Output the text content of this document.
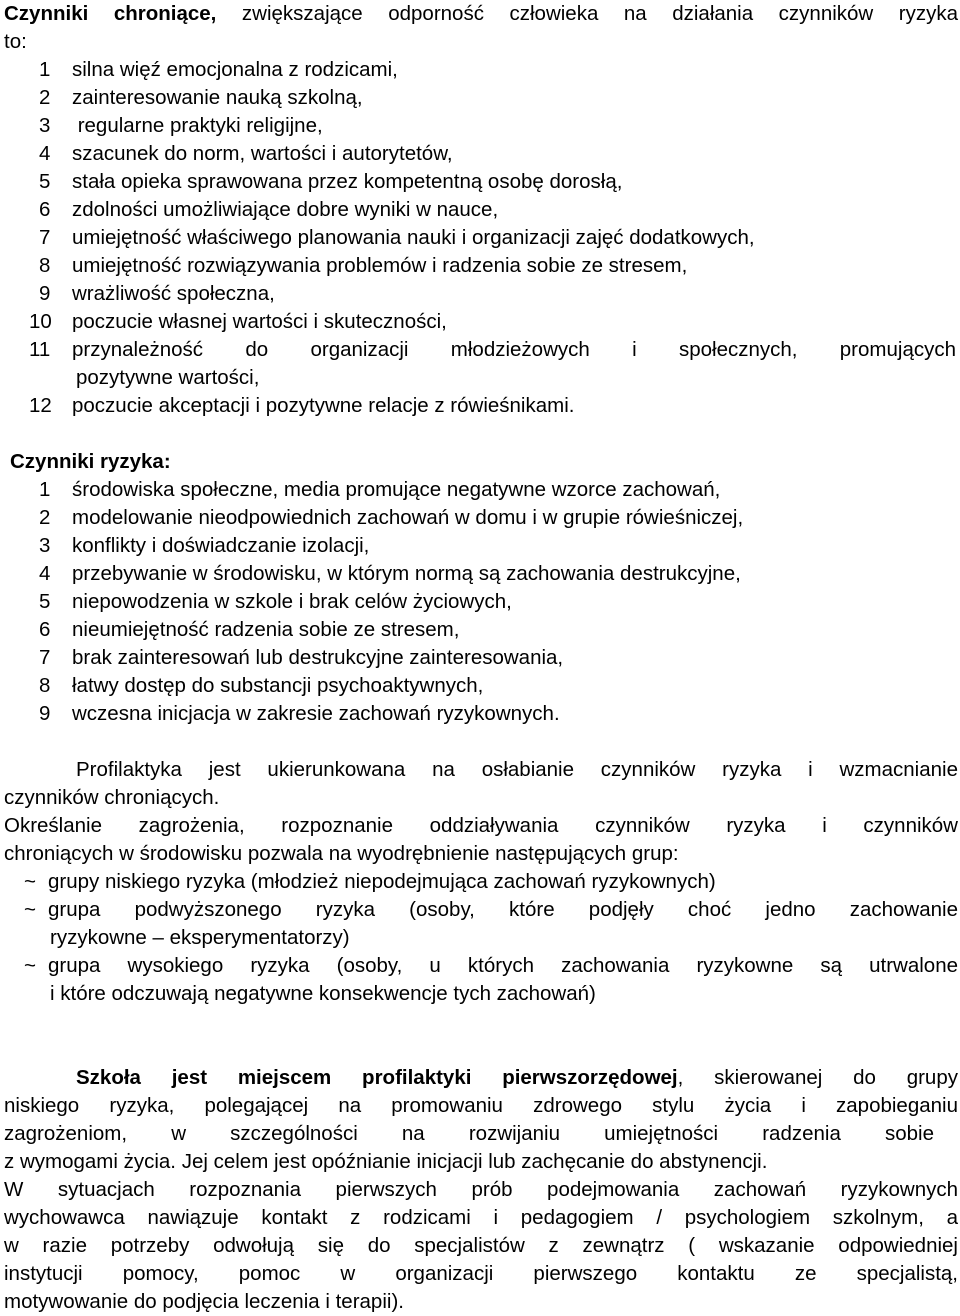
Czynniki chroniące, zwiększające odporność człowieka na działania czynników ryzyka
to:
1 silna więź emocjonalna z rodzicami,
2 zainteresowanie nauką szkolną,
3 regularne praktyki religijne,
4 szacunek do norm, wartości i autorytetów,
5 stała opieka sprawowana przez kompetentną osobę dorosłą,
6 zdolności umożliwiające dobre wyniki w nauce,
7 umiejętność właściwego planowania nauki i organizacji zajęć dodatkowych,
8 umiejętność rozwiązywania problemów i radzenia sobie ze stresem,
9 wrażliwość społeczna,
10 poczucie własnej wartości i skuteczności,
11 przynależność do organizacji młodzieżowych i społecznych, promujących
pozytywne wartości,
12 poczucie akceptacji i pozytywne relacje z rówieśnikami.
Czynniki ryzyka:
1 środowiska społeczne, media promujące negatywne wzorce zachowań,
2 modelowanie nieodpowiednich zachowań w domu i w grupie rówieśniczej,
3 konflikty i doświadczanie izolacji,
4 przebywanie w środowisku, w którym normą są zachowania destrukcyjne,
5 niepowodzenia w szkole i brak celów życiowych,
6 nieumiejętność radzenia sobie ze stresem,
7 brak zainteresowań lub destrukcyjne zainteresowania,
8 łatwy dostęp do substancji psychoaktywnych,
9 wczesna inicjacja w zakresie zachowań ryzykownych.
Profilaktyka jest ukierunkowana na osłabianie czynników ryzyka i wzmacnianie
czynników chroniących.
Określanie zagrożenia, rozpoznanie oddziaływania czynników ryzyka i czynników
chroniących w środowisku pozwala na wyodrębnienie następujących grup:
~ grupy niskiego ryzyka (młodzież niepodejmująca zachowań ryzykownych)
~ grupa podwyższonego ryzyka (osoby, które podjęły choć jedno zachowanie
ryzykowne – eksperymentatorzy)
~ grupa wysokiego ryzyka (osoby, u których zachowania ryzykowne są utrwalone
i które odczuwają negatywne konsekwencje tych zachowań)
Szkoła jest miejscem profilaktyki pierwszorzędowej, skierowanej do grupy
niskiego ryzyka, polegającej na promowaniu zdrowego stylu życia i zapobieganiu
zagrożeniom, w szczególności na rozwijaniu umiejętności radzenia sobie
z wymogami życia. Jej celem jest opóźnianie inicjacji lub zachęcanie do abstynencji.
W sytuacjach rozpoznania pierwszych prób podejmowania zachowań ryzykownych
wychowawca nawiązuje kontakt z rodzicami i pedagogiem / psychologiem szkolnym, a
w razie potrzeby odwołują się do specjalistów z zewnątrz ( wskazanie odpowiedniej
instytucji pomocy, pomoc w organizacji pierwszego kontaktu ze specjalistą,
motywowanie do podjęcia leczenia i terapii).
